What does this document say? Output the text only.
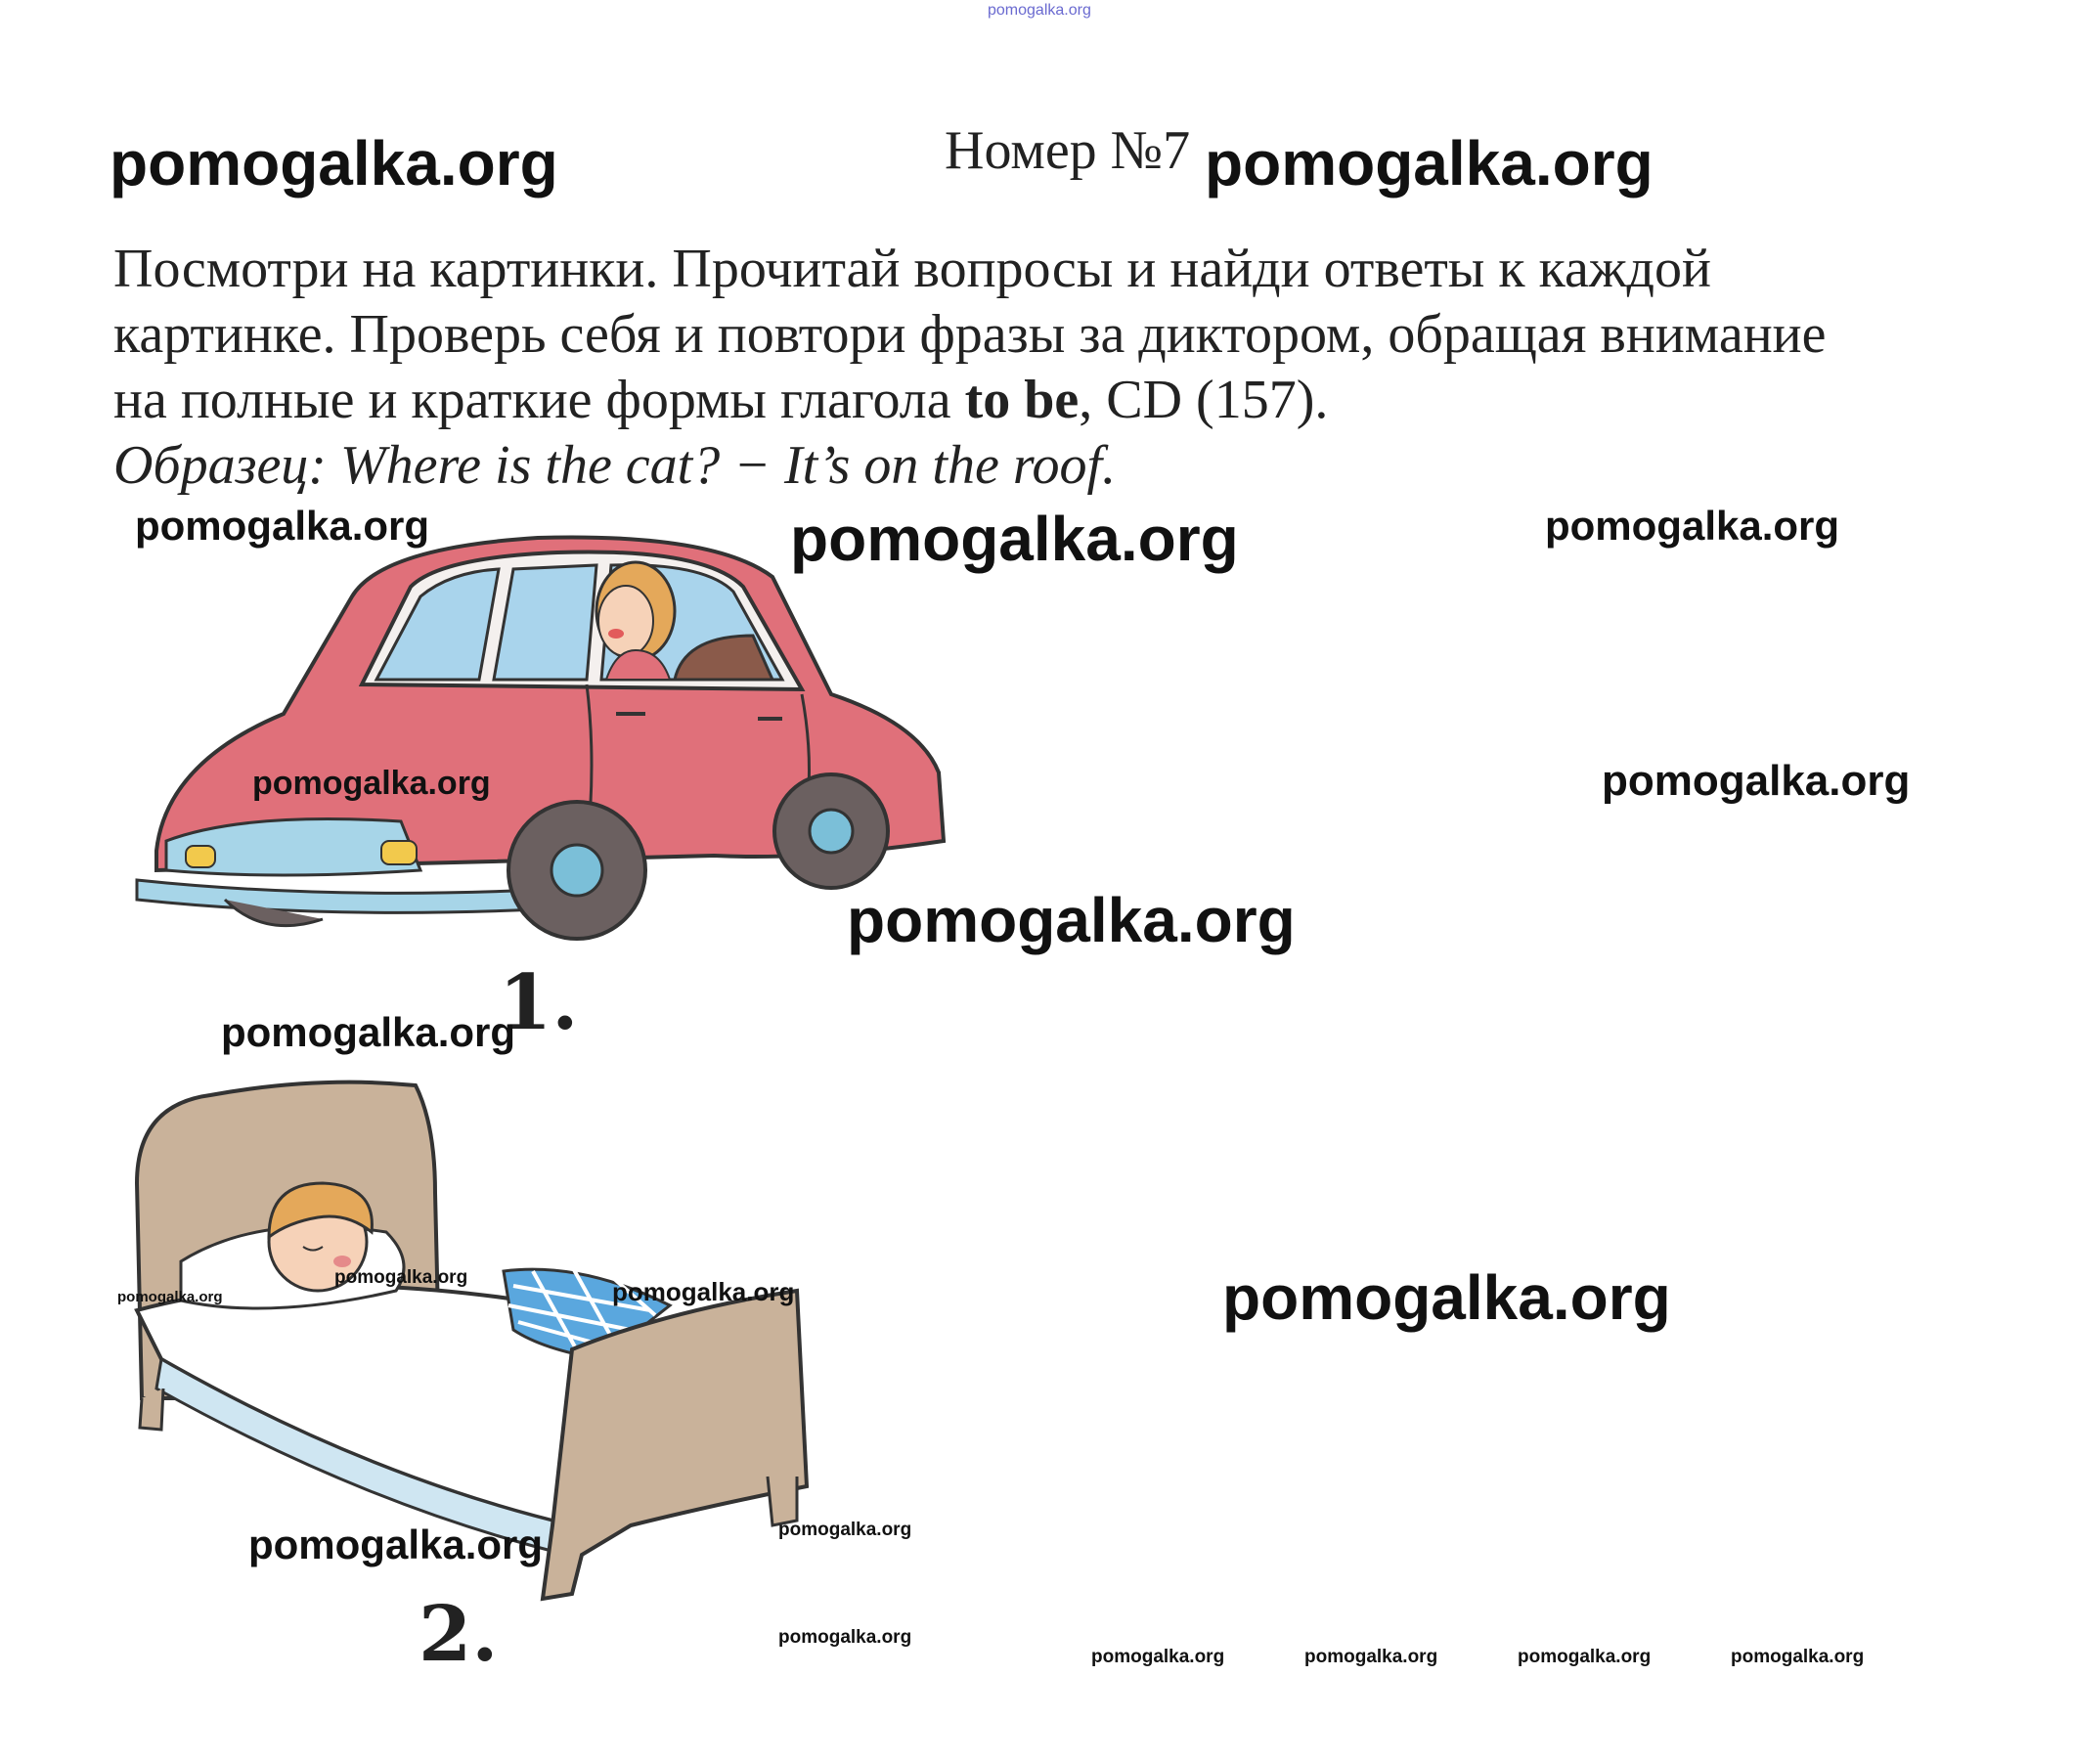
pomogalka.org
pomogalka.org	Номер №7 pomogalka.org
Посмотри на картинки. Прочитай вопросы и найди ответы к каждой
картинке. Проверь себя и повтори фразы за диктором, обращая внимание
на полные и краткие формы глагола to be, CD (157).
Образец: Where is the cat? − It’s on the roof.
1.
2.
pomogalka.org	pomogalka.org	pomogalka.org
pomogalka.org	pomogalka.org
pomogalka.org
pomogalka.org
pomogalka.org
pomogalka.org	pomogalka.org	pomogalka.org
pomogalka.org	pomogalka.org
pomogalka.org
pomogalka.org	pomogalka.org	pomogalka.org	pomogalka.org
